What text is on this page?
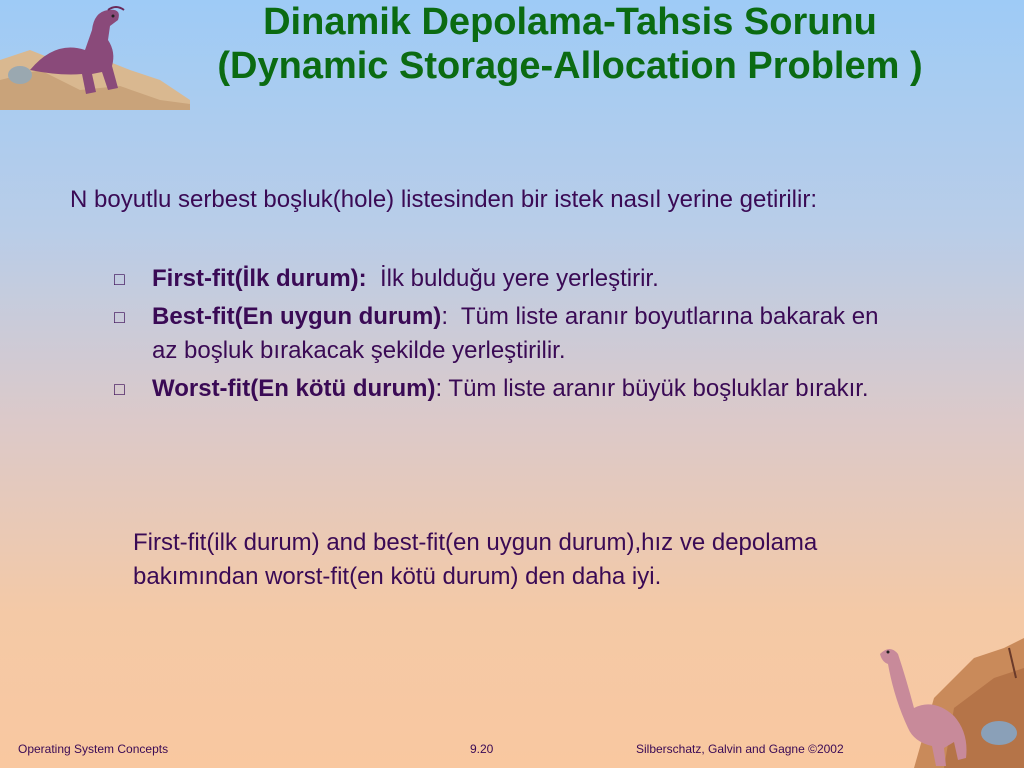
Dinamik Depolama-Tahsis Sorunu
(Dynamic Storage-Allocation Problem )
N boyutlu serbest boşluk(hole) listesinden bir istek nasıl yerine getirilir:
□ First-fit(İlk durum):  İlk bulduğu yere yerleştirir.
□ Best-fit(En uygun durum):  Tüm liste aranır boyutlarına bakarak en az boşluk bırakacak şekilde yerleştirilir.
□ Worst-fit(En kötü durum): Tüm liste aranır büyük boşluklar bırakır.
First-fit(ilk durum) and best-fit(en uygun durum),hız ve depolama bakımından worst-fit(en kötü durum) den daha iyi.
Operating System Concepts	9.20	Silberschatz, Galvin and Gagne ©2002
